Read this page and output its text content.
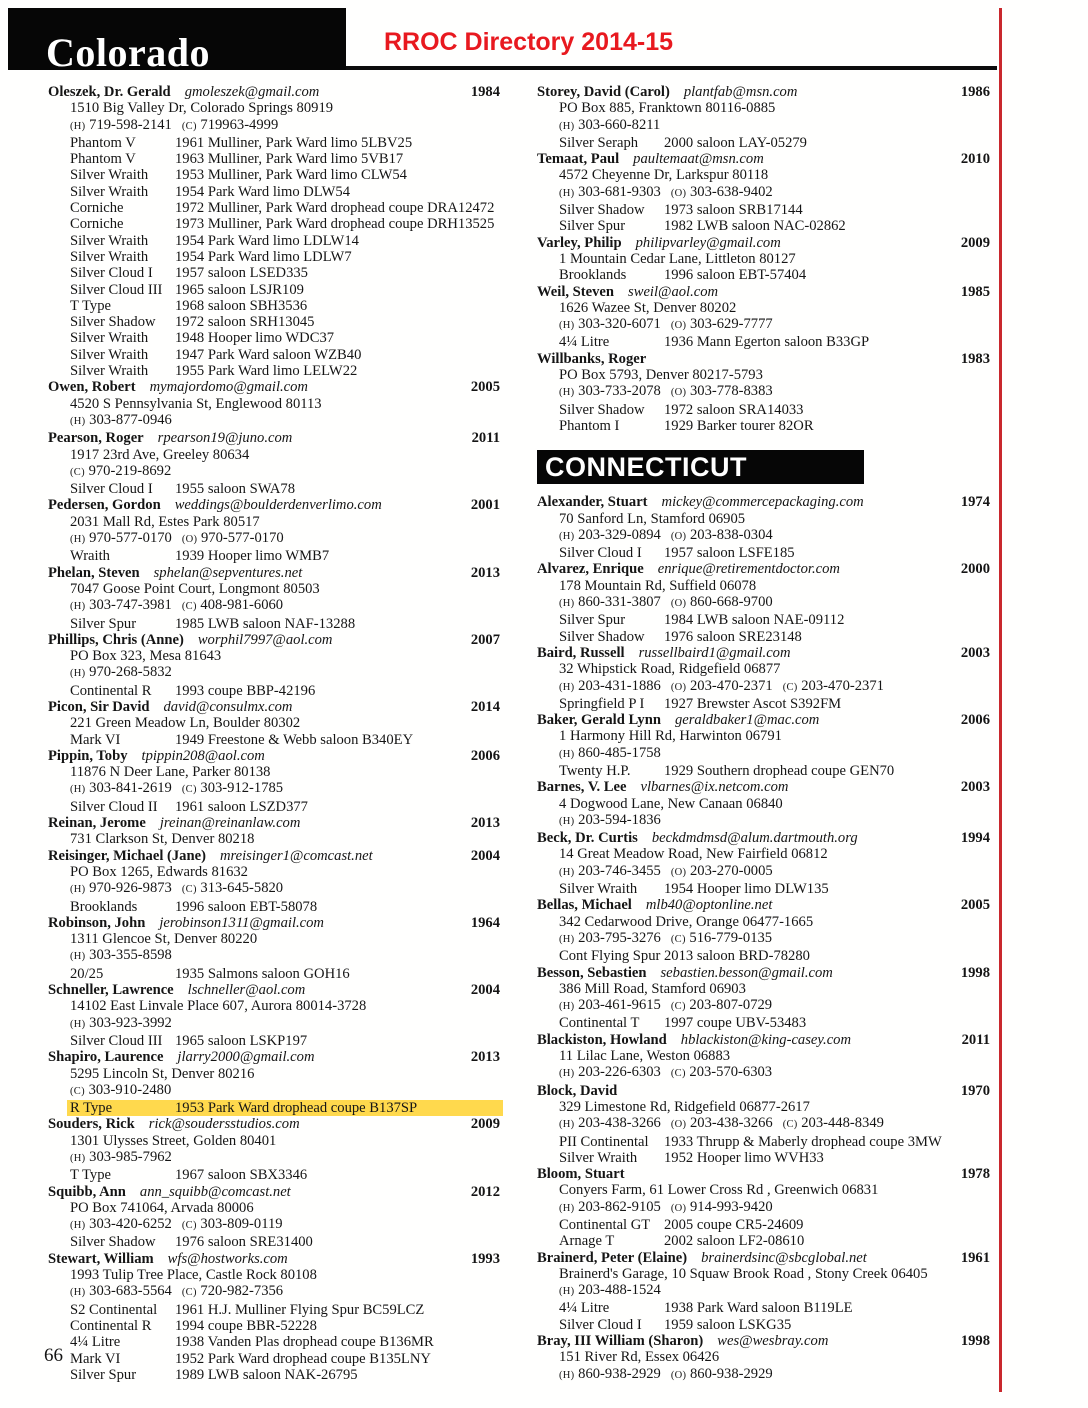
Colorado	RROC Directory 2014-15
Oleszek, Dr. Gerald gmoleszek@gmail.com	1984
1510 Big Valley Dr, Colorado Springs 80919
(H) 719-598-2141 (C) 719963-4999
Phantom V	1961 Mulliner, Park Ward limo 5LBV25
Phantom V	1963 Mulliner, Park Ward limo 5VB17
Silver Wraith	1953 Mulliner, Park Ward limo CLW54
Silver Wraith	1954 Park Ward limo DLW54
Corniche	1972 Mulliner, Park Ward drophead coupe DRA12472
Corniche	1973 Mulliner, Park Ward drophead coupe DRH13525
Silver Wraith	1954 Park Ward limo LDLW14
Silver Wraith	1954 Park Ward limo LDLW7
Silver Cloud I	1957 saloon LSED335
Silver Cloud III 1965 saloon LSJR109
T Type	1968 saloon SBH3536
Silver Shadow	1972 saloon SRH13045
Silver Wraith	1948 Hooper limo WDC37
Silver Wraith	1947 Park Ward saloon WZB40
Silver Wraith	1955 Park Ward limo LELW22
Owen, Robert mymajordomo@gmail.com	2005
4520 S Pennsylvania St, Englewood 80113
(H) 303-877-0946
Pearson, Roger rpearson19@juno.com	2011
1917 23rd Ave, Greeley 80634
(C) 970-219-8692
Silver Cloud I	1955 saloon SWA78
Pedersen, Gordon weddings@boulderdenverlimo.com	2001
2031 Mall Rd, Estes Park 80517
(H) 970-577-0170 (O) 970-577-0170
Wraith	1939 Hooper limo WMB7
Phelan, Steven sphelan@sepventures.net	2013
7047 Goose Point Court, Longmont 80503
(H) 303-747-3981 (C) 408-981-6060
Silver Spur	1985 LWB saloon NAF-13288
Phillips, Chris (Anne) worphil7997@aol.com	2007
PO Box 323, Mesa 81643
(H) 970-268-5832
Continental R	1993 coupe BBP-42196
Picon, Sir David david@consulmx.com	2014
221 Green Meadow Ln, Boulder 80302
Mark VI	1949 Freestone & Webb saloon B340EY
Pippin, Toby tpippin208@aol.com	2006
11876 N Deer Lane, Parker 80138
(H) 303-841-2619 (C) 303-912-1785
Silver Cloud II	1961 saloon LSZD377
Reinan, Jerome jreinan@reinanlaw.com	2013
731 Clarkson St, Denver 80218
Reisinger, Michael (Jane) mreisinger1@comcast.net	2004
PO Box 1265, Edwards 81632
(H) 970-926-9873 (C) 313-645-5820
Brooklands	1996 saloon EBT-58078
Robinson, John jerobinson1311@gmail.com	1964
1311 Glencoe St, Denver 80220
(H) 303-355-8598
20/25	1935 Salmons saloon GOH16
Schneller, Lawrence lschneller@aol.com	2004
14102 East Linvale Place 607, Aurora 80014-3728
(H) 303-923-3992
Silver Cloud III 1965 saloon LSKP197
Shapiro, Laurence jlarry2000@gmail.com	2013
5295 Lincoln St, Denver 80216
(C) 303-910-2480
R Type	1953 Park Ward drophead coupe B137SP
Souders, Rick rick@soudersstudios.com	2009
1301 Ulysses Street, Golden 80401
(H) 303-985-7962
T Type	1967 saloon SBX3346
Squibb, Ann ann_squibb@comcast.net	2012
PO Box 741064, Arvada 80006
(H) 303-420-6252 (C) 303-809-0119
Silver Shadow	1976 saloon SRE31400
Stewart, William wfs@hostworks.com	1993
1993 Tulip Tree Place, Castle Rock 80108
(H) 303-683-5564 (C) 720-982-7356
S2 Continental	1961 H.J. Mulliner Flying Spur BC59LCZ
Continental R	1994 coupe BBR-52228
4¼ Litre	1938 Vanden Plas drophead coupe B136MR
Mark VI	1952 Park Ward drophead coupe B135LNY
Silver Spur	1989 LWB saloon NAK-26795
Storey, David (Carol) plantfab@msn.com	1986
PO Box 885, Franktown 80116-0885
(H) 303-660-8211
Silver Seraph	2000 saloon LAY-05279
Temaat, Paul paultemaat@msn.com	2010
4572 Cheyenne Dr, Larkspur 80118
(H) 303-681-9303 (O) 303-638-9402
Silver Shadow	1973 saloon SRB17144
Silver Spur	1982 LWB saloon NAC-02862
Varley, Philip philipvarley@gmail.com	2009
1 Mountain Cedar Lane, Littleton 80127
Brooklands	1996 saloon EBT-57404
Weil, Steven sweil@aol.com	1985
1626 Wazee St, Denver 80202
(H) 303-320-6071 (O) 303-629-7777
4¼ Litre	1936 Mann Egerton saloon B33GP
Willbanks, Roger	1983
PO Box 5793, Denver 80217-5793
(H) 303-733-2078 (O) 303-778-8383
Silver Shadow	1972 saloon SRA14033
Phantom I	1929 Barker tourer 82OR
CONNECTICUT
Alexander, Stuart mickey@commercepackaging.com	1974
70 Sanford Ln, Stamford 06905
(H) 203-329-0894 (O) 203-838-0304
Silver Cloud I	1957 saloon LSFE185
Alvarez, Enrique enrique@retirementdoctor.com	2000
178 Mountain Rd, Suffield 06078
(H) 860-331-3807 (O) 860-668-9700
Silver Spur	1984 LWB saloon NAE-09112
Silver Shadow	1976 saloon SRE23148
Baird, Russell russellbaird1@gmail.com	2003
32 Whipstick Road, Ridgefield 06877
(H) 203-431-1886 (O) 203-470-2371 (C) 203-470-2371
Springfield P I	1927 Brewster Ascot S392FM
Baker, Gerald Lynn geraldbaker1@mac.com	2006
1 Harmony Hill Rd, Harwinton 06791
(H) 860-485-1758
Twenty H.P.	1929 Southern drophead coupe GEN70
Barnes, V. Lee vlbarnes@ix.netcom.com	2003
4 Dogwood Lane, New Canaan 06840
(H) 203-594-1836
Beck, Dr. Curtis beckdmdmsd@alum.dartmouth.org	1994
14 Great Meadow Road, New Fairfield 06812
(H) 203-746-3455 (O) 203-270-0005
Silver Wraith	1954 Hooper limo DLW135
Bellas, Michael mlb40@optonline.net	2005
342 Cedarwood Drive, Orange 06477-1665
(H) 203-795-3276 (C) 516-779-0135
Cont Flying Spur 2013 saloon BRD-78280
Besson, Sebastien sebastien.besson@gmail.com	1998
386 Mill Road, Stamford 06903
(H) 203-461-9615 (C) 203-807-0729
Continental T	1997 coupe UBV-53483
Blackiston, Howland hblackiston@king-casey.com	2011
11 Lilac Lane, Weston 06883
(H) 203-226-6303 (C) 203-570-6303
Block, David	1970
329 Limestone Rd, Ridgefield 06877-2617
(H) 203-438-3266 (O) 203-438-3266 (C) 203-448-8349
PII Continental	1933 Thrupp & Maberly drophead coupe 3MW
Silver Wraith	1952 Hooper limo WVH33
Bloom, Stuart	1978
Conyers Farm, 61 Lower Cross Rd , Greenwich 06831
(H) 203-862-9105 (O) 914-993-9420
Continental GT 2005 coupe CR5-24609
Arnage T	2002 saloon LF2-08610
Brainerd, Peter (Elaine) brainerdsinc@sbcglobal.net	1961
Brainerd's Garage, 10 Squaw Brook Road , Stony Creek 06405
(H) 203-488-1524
4¼ Litre	1938 Park Ward saloon B119LE
Silver Cloud I	1959 saloon LSKG35
Bray, III William (Sharon) wes@wesbray.com	1998
151 River Rd, Essex 06426
(H) 860-938-2929 (O) 860-938-2929
66
